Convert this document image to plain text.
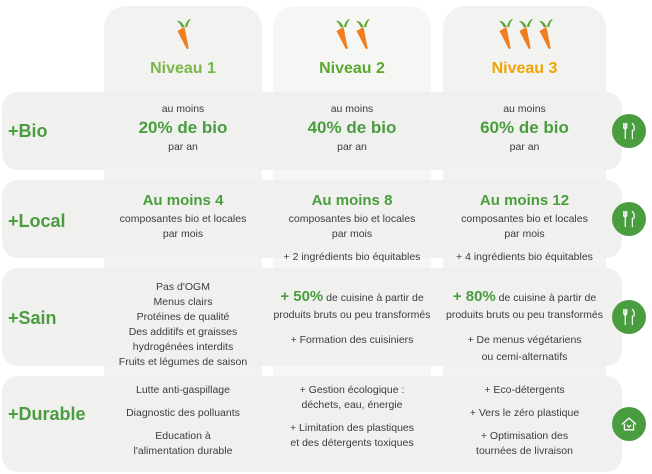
Niveau 1	Niveau 2	Niveau 3
+Bio
+Local
+Sain
+Durable
au moins
20% de bio
par an
au moins
40% de bio
par an
au moins
60% de bio
par an
Au moins 4
composantes bio et locales
par mois
Au moins 8
composantes bio et locales
par mois
+ 2 ingrédients bio équitables
Au moins 12
composantes bio et locales
par mois
+ 4 ingrédients bio équitables
Pas d'OGM
Menus clairs
Protéines de qualité
Des additifs et graisses
hydrogénées interdits
Fruits et légumes de saison
+ 50% de cuisine à partir de
produits bruts ou peu transformés
+ Formation des cuisiniers
+ 80% de cuisine à partir de
produits bruts ou peu transformés
+ De menus végétariens
ou cemi-alternatifs
Lutte anti-gaspillage
Diagnostic des polluants
Education à
l'alimentation durable
+ Gestion écologique :
déchets, eau, énergie
+ Limitation des plastiques
et des détergents toxiques
+ Eco-détergents
+ Vers le zéro plastique
+ Optimisation des
tournées de livraison
